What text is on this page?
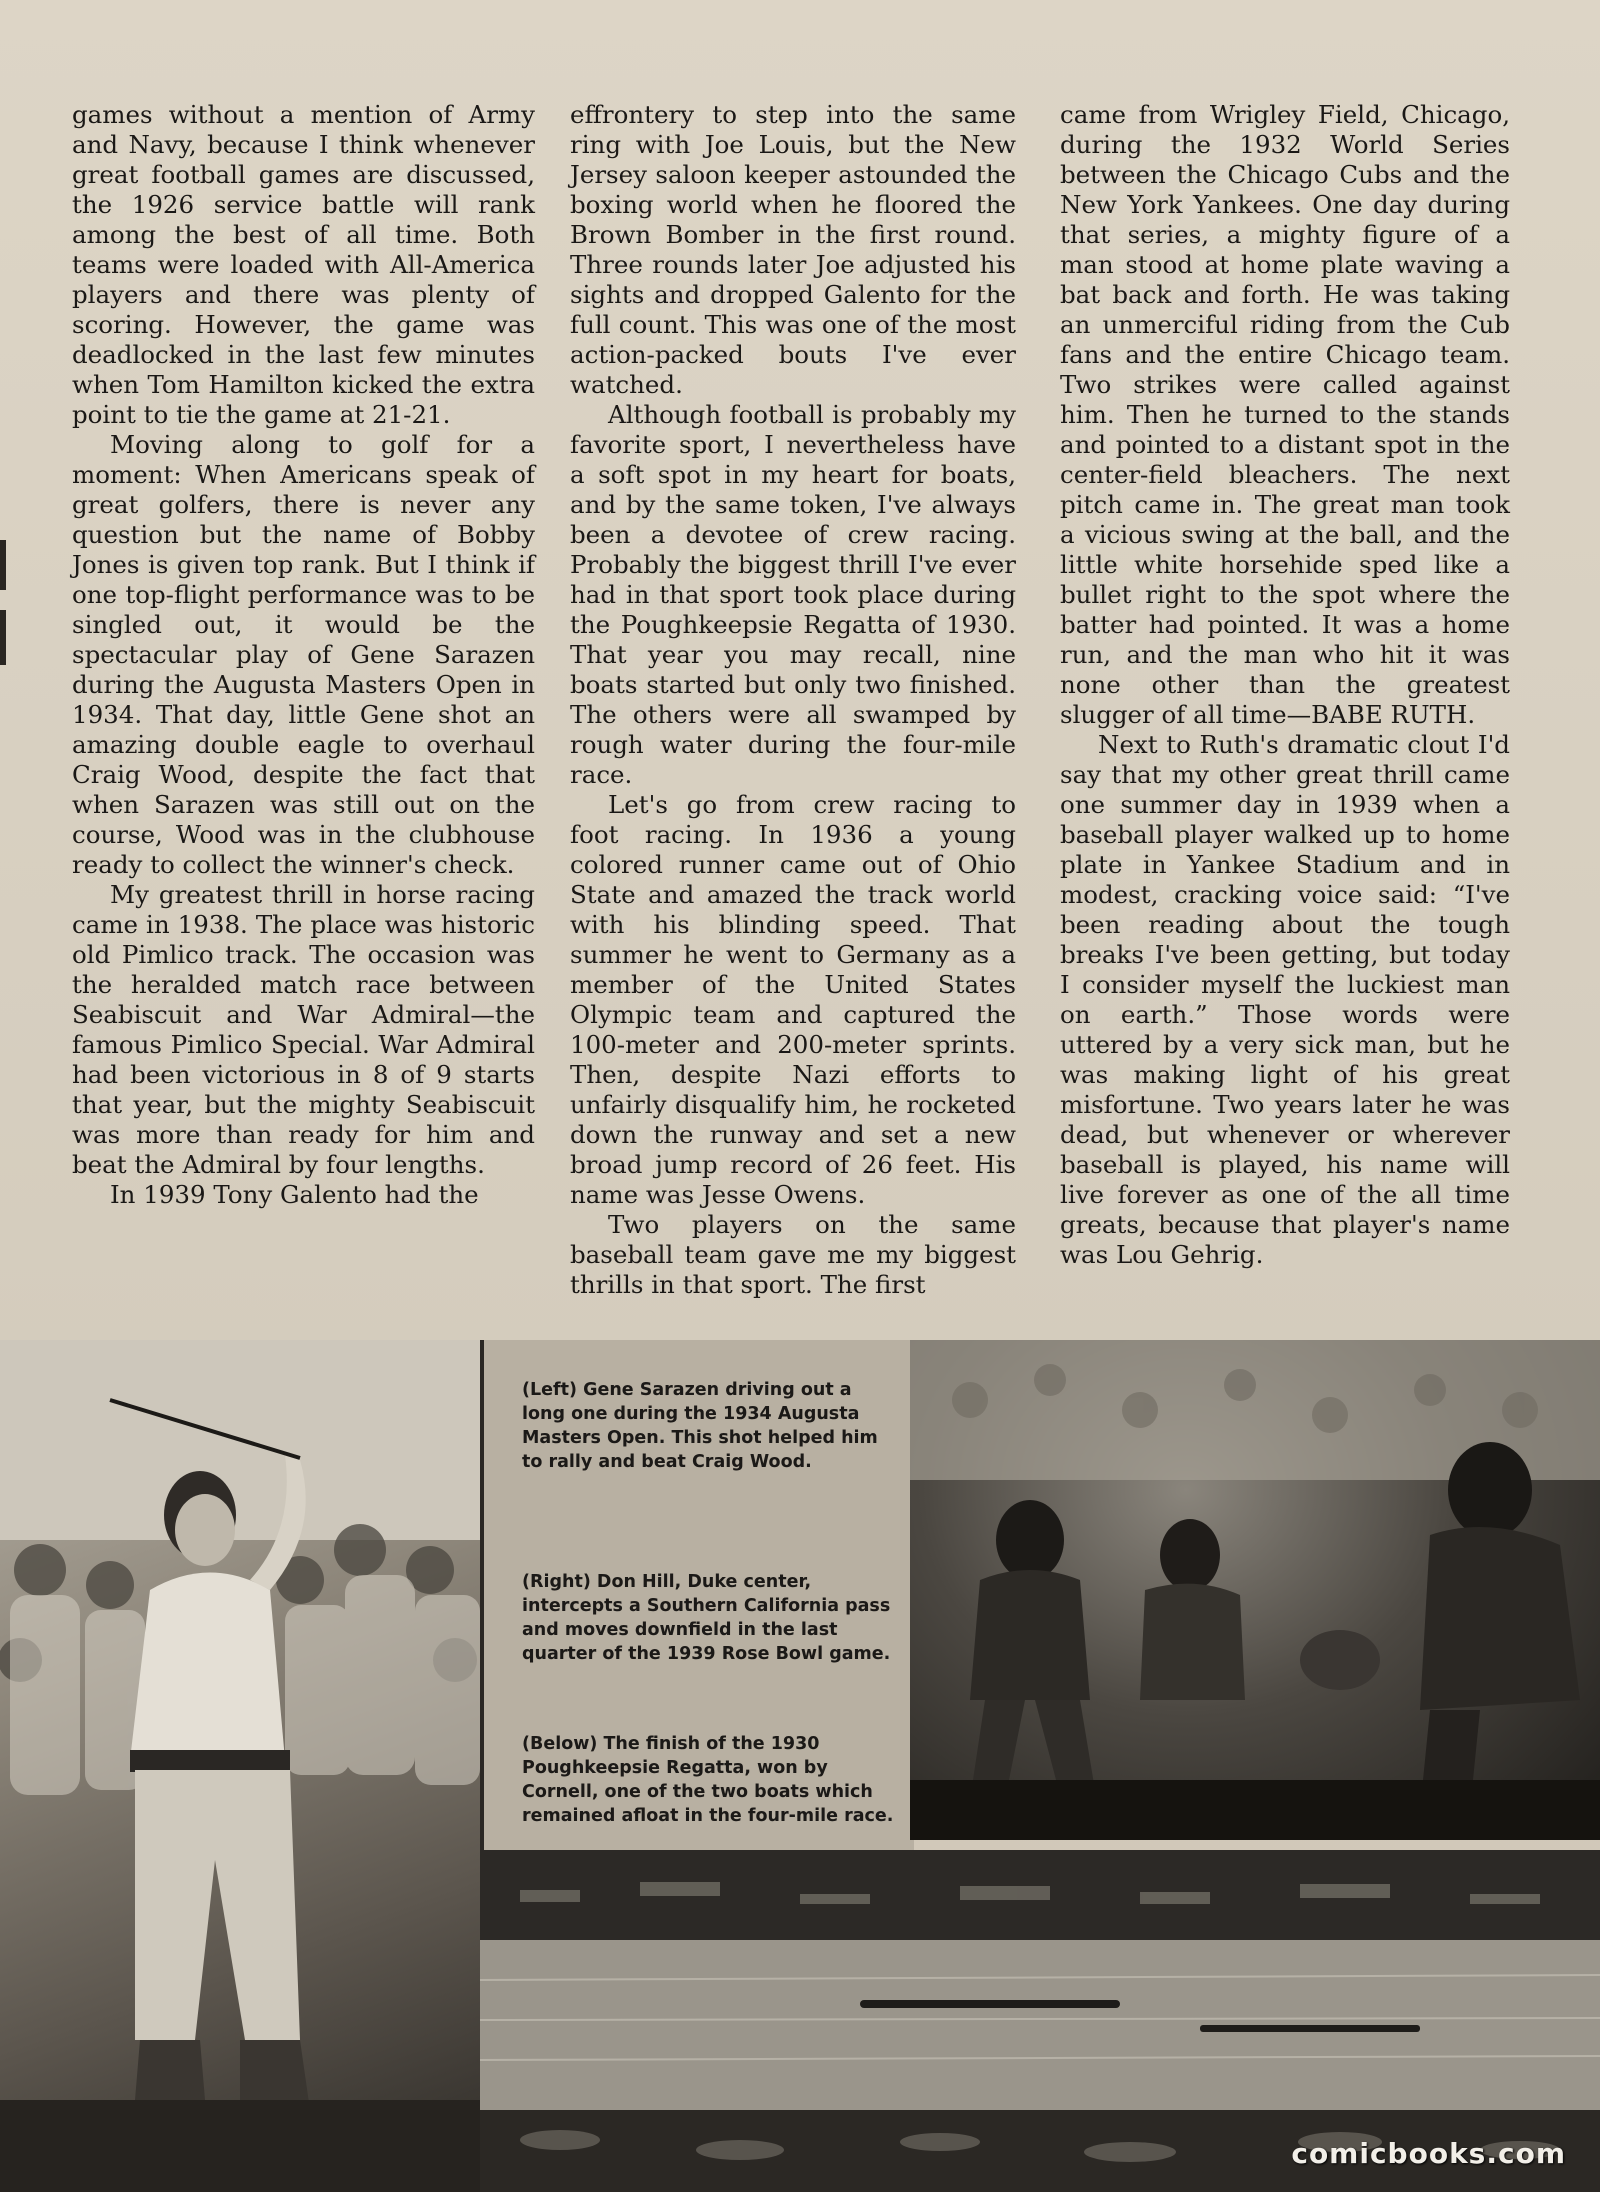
games without a mention of Army and Navy, because I think whenever great football games are discussed, the 1926 service battle will rank among the best of all time. Both teams were loaded with All-America players and there was plenty of scoring. However, the game was deadlocked in the last few minutes when Tom Hamilton kicked the extra point to tie the game at 21-21.

Moving along to golf for a moment: When Americans speak of great golfers, there is never any question but the name of Bobby Jones is given top rank. But I think if one top-flight performance was to be singled out, it would be the spectacular play of Gene Sarazen during the Augusta Masters Open in 1934. That day, little Gene shot an amazing double eagle to overhaul Craig Wood, despite the fact that when Sarazen was still out on the course, Wood was in the clubhouse ready to collect the winner's check.

My greatest thrill in horse racing came in 1938. The place was historic old Pimlico track. The occasion was the heralded match race between Seabiscuit and War Admiral—the famous Pimlico Special. War Admiral had been victorious in 8 of 9 starts that year, but the mighty Seabiscuit was more than ready for him and beat the Admiral by four lengths.

In 1939 Tony Galento had the

effrontery to step into the same ring with Joe Louis, but the New Jersey saloon keeper astounded the boxing world when he floored the Brown Bomber in the first round. Three rounds later Joe adjusted his sights and dropped Galento for the full count. This was one of the most action-packed bouts I've ever watched.

Although football is probably my favorite sport, I nevertheless have a soft spot in my heart for boats, and by the same token, I've always been a devotee of crew racing. Probably the biggest thrill I've ever had in that sport took place during the Poughkeepsie Regatta of 1930. That year you may recall, nine boats started but only two finished. The others were all swamped by rough water during the four-mile race.

Let's go from crew racing to foot racing. In 1936 a young colored runner came out of Ohio State and amazed the track world with his blinding speed. That summer he went to Germany as a member of the United States Olympic team and captured the 100-meter and 200-meter sprints. Then, despite Nazi efforts to unfairly disqualify him, he rocketed down the runway and set a new broad jump record of 26 feet. His name was Jesse Owens.

Two players on the same baseball team gave me my biggest thrills in that sport. The first

came from Wrigley Field, Chicago, during the 1932 World Series between the Chicago Cubs and the New York Yankees. One day during that series, a mighty figure of a man stood at home plate waving a bat back and forth. He was taking an unmerciful riding from the Cub fans and the entire Chicago team. Two strikes were called against him. Then he turned to the stands and pointed to a distant spot in the center-field bleachers. The next pitch came in. The great man took a vicious swing at the ball, and the little white horsehide sped like a bullet right to the spot where the batter had pointed. It was a home run, and the man who hit it was none other than the greatest slugger of all time—BABE RUTH.

Next to Ruth's dramatic clout I'd say that my other great thrill came one summer day in 1939 when a baseball player walked up to home plate in Yankee Stadium and in modest, cracking voice said: “I've been reading about the tough breaks I've been getting, but today I consider myself the luckiest man on earth.” Those words were uttered by a very sick man, but he was making light of his great misfortune. Two years later he was dead, but whenever or wherever baseball is played, his name will live forever as one of the all time greats, because that player's name was Lou Gehrig.

(Left) Gene Sarazen driving out a long one during the 1934 Augusta Masters Open. This shot helped him to rally and beat Craig Wood.
(Right) Don Hill, Duke center, intercepts a Southern California pass and moves downfield in the last quarter of the 1939 Rose Bowl game.
(Below) The finish of the 1930 Poughkeepsie Regatta, won by Cornell, one of the two boats which remained afloat in the four-mile race.
comicbooks.com
